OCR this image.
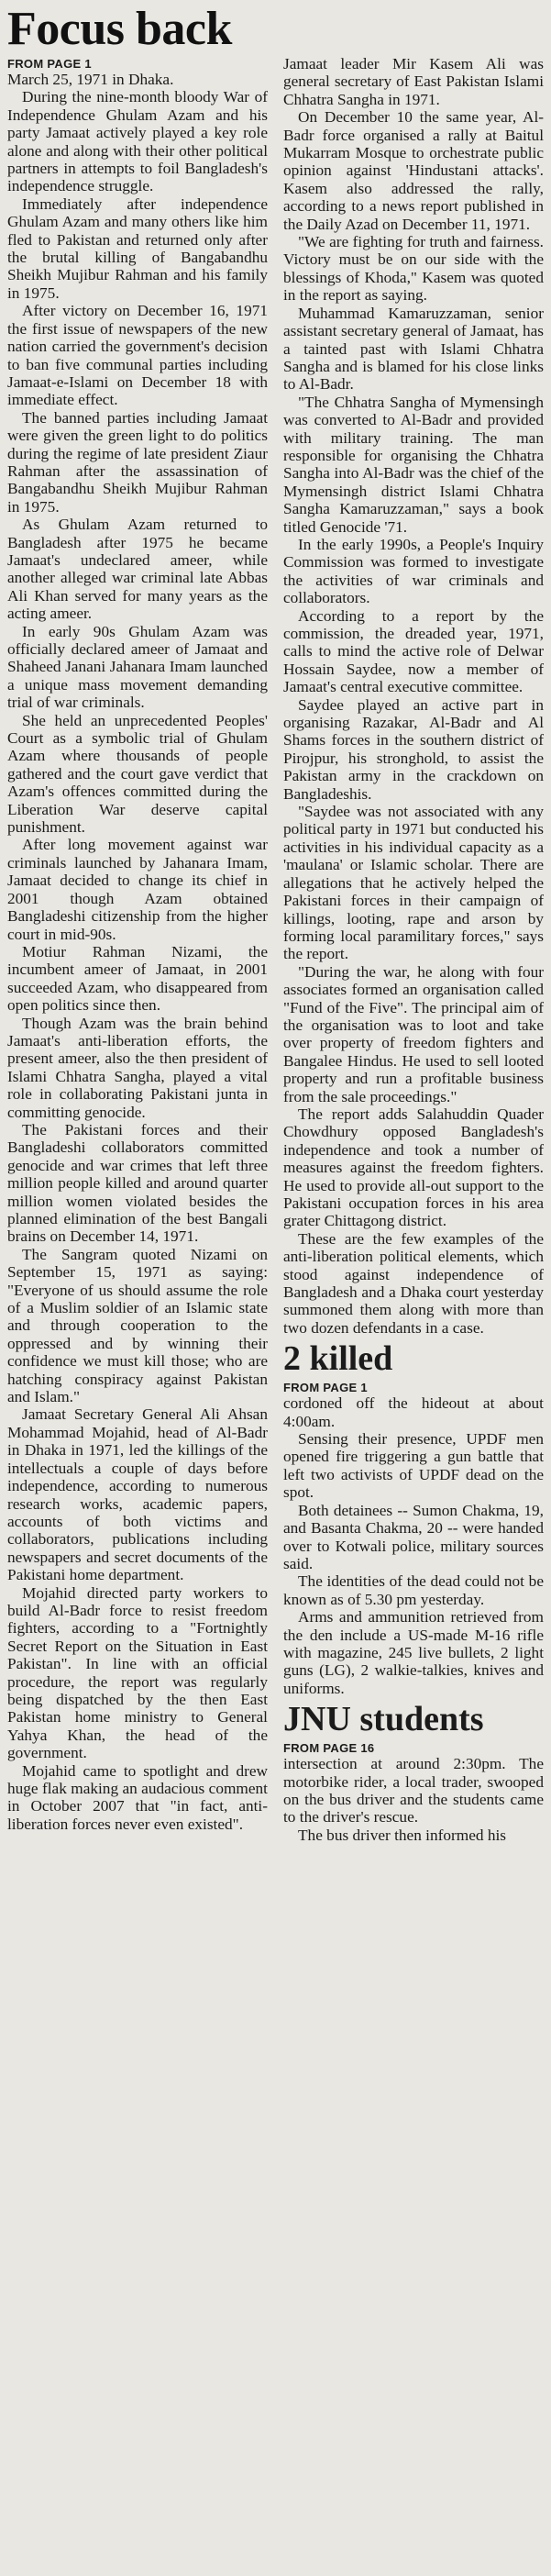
Focus back
FROM PAGE 1

March 25, 1971 in Dhaka.

During the nine-month bloody War of Independence Ghulam Azam and his party Jamaat actively played a key role alone and along with their other political partners in attempts to foil Bangladesh's independence struggle.

Immediately after independence Ghulam Azam and many others like him fled to Pakistan and returned only after the brutal killing of Bangabandhu Sheikh Mujibur Rahman and his family in 1975.

After victory on December 16, 1971 the first issue of newspapers of the new nation carried the government's decision to ban five communal parties including Jamaat-e-Islami on December 18 with immediate effect.

The banned parties including Jamaat were given the green light to do politics during the regime of late president Ziaur Rahman after the assassination of Bangabandhu Sheikh Mujibur Rahman in 1975.

As Ghulam Azam returned to Bangladesh after 1975 he became Jamaat's undeclared ameer, while another alleged war criminal late Abbas Ali Khan served for many years as the acting ameer.

In early 90s Ghulam Azam was officially declared ameer of Jamaat and Shaheed Janani Jahanara Imam launched a unique mass movement demanding trial of war criminals.

She held an unprecedented Peoples' Court as a symbolic trial of Ghulam Azam where thousands of people gathered and the court gave verdict that Azam's offences committed during the Liberation War deserve capital punishment.

After long movement against war criminals launched by Jahanara Imam, Jamaat decided to change its chief in 2001 though Azam obtained Bangladeshi citizenship from the higher court in mid-90s.

Motiur Rahman Nizami, the incumbent ameer of Jamaat, in 2001 succeeded Azam, who disappeared from open politics since then.

Though Azam was the brain behind Jamaat's anti-liberation efforts, the present ameer, also the then president of Islami Chhatra Sangha, played a vital role in collaborating Pakistani junta in committing genocide.

The Pakistani forces and their Bangladeshi collaborators committed genocide and war crimes that left three million people killed and around quarter million women violated besides the planned elimination of the best Bangali brains on December 14, 1971.

The Sangram quoted Nizami on September 15, 1971 as saying: "Everyone of us should assume the role of a Muslim soldier of an Islamic state and through cooperation to the oppressed and by winning their confidence we must kill those; who are hatching conspiracy against Pakistan and Islam."

Jamaat Secretary General Ali Ahsan Mohammad Mojahid, head of Al-Badr in Dhaka in 1971, led the killings of the intellectuals a couple of days before independence, according to numerous research works, academic papers, accounts of both victims and collaborators, publications including newspapers and secret documents of the Pakistani home department.

Mojahid directed party workers to build Al-Badr force to resist freedom fighters, according to a "Fortnightly Secret Report on the Situation in East Pakistan". In line with an official procedure, the report was regularly being dispatched by the then East Pakistan home ministry to General Yahya Khan, the head of the government.

Mojahid came to spotlight and drew huge flak making an audacious comment in October 2007 that "in fact, anti-liberation forces never even existed".

Jamaat leader Mir Kasem Ali was general secretary of East Pakistan Islami Chhatra Sangha in 1971.

On December 10 the same year, Al-Badr force organised a rally at Baitul Mukarram Mosque to orchestrate public opinion against 'Hindustani attacks'. Kasem also addressed the rally, according to a news report published in the Daily Azad on December 11, 1971.

"We are fighting for truth and fairness. Victory must be on our side with the blessings of Khoda," Kasem was quoted in the report as saying.

Muhammad Kamaruzzaman, senior assistant secretary general of Jamaat, has a tainted past with Islami Chhatra Sangha and is blamed for his close links to Al-Badr.

"The Chhatra Sangha of Mymensingh was converted to Al-Badr and provided with military training. The man responsible for organising the Chhatra Sangha into Al-Badr was the chief of the Mymensingh district Islami Chhatra Sangha Kamaruzzaman," says a book titled Genocide '71.

In the early 1990s, a People's Inquiry Commission was formed to investigate the activities of war criminals and collaborators.

According to a report by the commission, the dreaded year, 1971, calls to mind the active role of Delwar Hossain Saydee, now a member of Jamaat's central executive committee.

Saydee played an active part in organising Razakar, Al-Badr and Al Shams forces in the southern district of Pirojpur, his stronghold, to assist the Pakistan army in the crackdown on Bangladeshis.

"Saydee was not associated with any political party in 1971 but conducted his activities in his individual capacity as a 'maulana' or Islamic scholar. There are allegations that he actively helped the Pakistani forces in their campaign of killings, looting, rape and arson by forming local paramilitary forces," says the report.

"During the war, he along with four associates formed an organisation called "Fund of the Five". The principal aim of the organisation was to loot and take over property of freedom fighters and Bangalee Hindus. He used to sell looted property and run a profitable business from the sale proceedings."

The report adds Salahuddin Quader Chowdhury opposed Bangladesh's independence and took a number of measures against the freedom fighters. He used to provide all-out support to the Pakistani occupation forces in his area grater Chittagong district.

These are the few examples of the anti-liberation political elements, which stood against independence of Bangladesh and a Dhaka court yesterday summoned them along with more than two dozen defendants in a case.

2 killed
FROM PAGE 1

cordoned off the hideout at about 4:00am.

Sensing their presence, UPDF men opened fire triggering a gun battle that left two activists of UPDF dead on the spot.

Both detainees -- Sumon Chakma, 19, and Basanta Chakma, 20 -- were handed over to Kotwali police, military sources said.

The identities of the dead could not be known as of 5.30 pm yesterday.

Arms and ammunition retrieved from the den include a US-made M-16 rifle with magazine, 245 live bullets, 2 light guns (LG), 2 walkie-talkies, knives and uniforms.

JNU students
FROM PAGE 16

intersection at around 2:30pm. The motorbike rider, a local trader, swooped on the bus driver and the students came to the driver's rescue.

The bus driver then informed his
